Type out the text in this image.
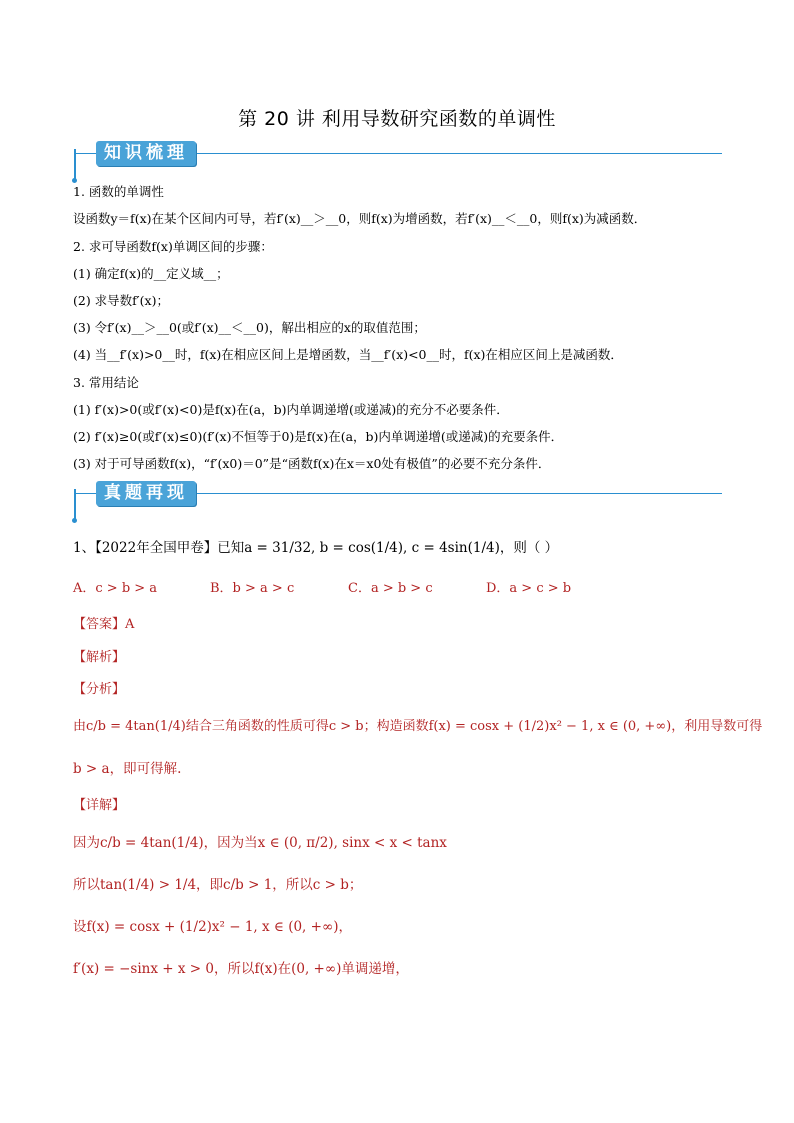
第 20 讲 利用导数研究函数的单调性
知识梳理
1. 函数的单调性
设函数y＝f(x)在某个区间内可导，若f′(x)__＞__0，则f(x)为增函数，若f′(x)__＜__0，则f(x)为减函数．
2. 求可导函数f(x)单调区间的步骤：
(1) 确定f(x)的__定义域__；
(2) 求导数f′(x)；
(3) 令f′(x)__＞__0(或f′(x)__＜__0)，解出相应的x的取值范围；
(4) 当__f′(x)>0__时，f(x)在相应区间上是增函数，当__f′(x)<0__时，f(x)在相应区间上是减函数．
3. 常用结论
(1) f′(x)>0(或f′(x)<0)是f(x)在(a，b)内单调递增(或递减)的充分不必要条件．
(2) f′(x)≥0(或f′(x)≤0)(f′(x)不恒等于0)是f(x)在(a，b)内单调递增(或递减)的充要条件．
(3) 对于可导函数f(x)，“f′(x0)＝0”是“函数f(x)在x＝x0处有极值”的必要不充分条件．
真题再现
1、【2022年全国甲卷】已知a = 31/32, b = cos(1/4), c = 4sin(1/4)，则（ ）
A．c > b > a	B．b > a > c	C．a > b > c	D．a > c > b
【答案】A
【解析】
【分析】
由c/b = 4tan(1/4)结合三角函数的性质可得c > b；构造函数f(x) = cosx + (1/2)x² − 1, x ∈ (0, +∞)，利用导数可得
b > a，即可得解.
【详解】
因为c/b = 4tan(1/4)，因为当x ∈ (0, π/2), sinx < x < tanx
所以tan(1/4) > 1/4，即c/b > 1，所以c > b；
设f(x) = cosx + (1/2)x² − 1, x ∈ (0, +∞)，
f′(x) = −sinx + x > 0，所以f(x)在(0, +∞)单调递增，
